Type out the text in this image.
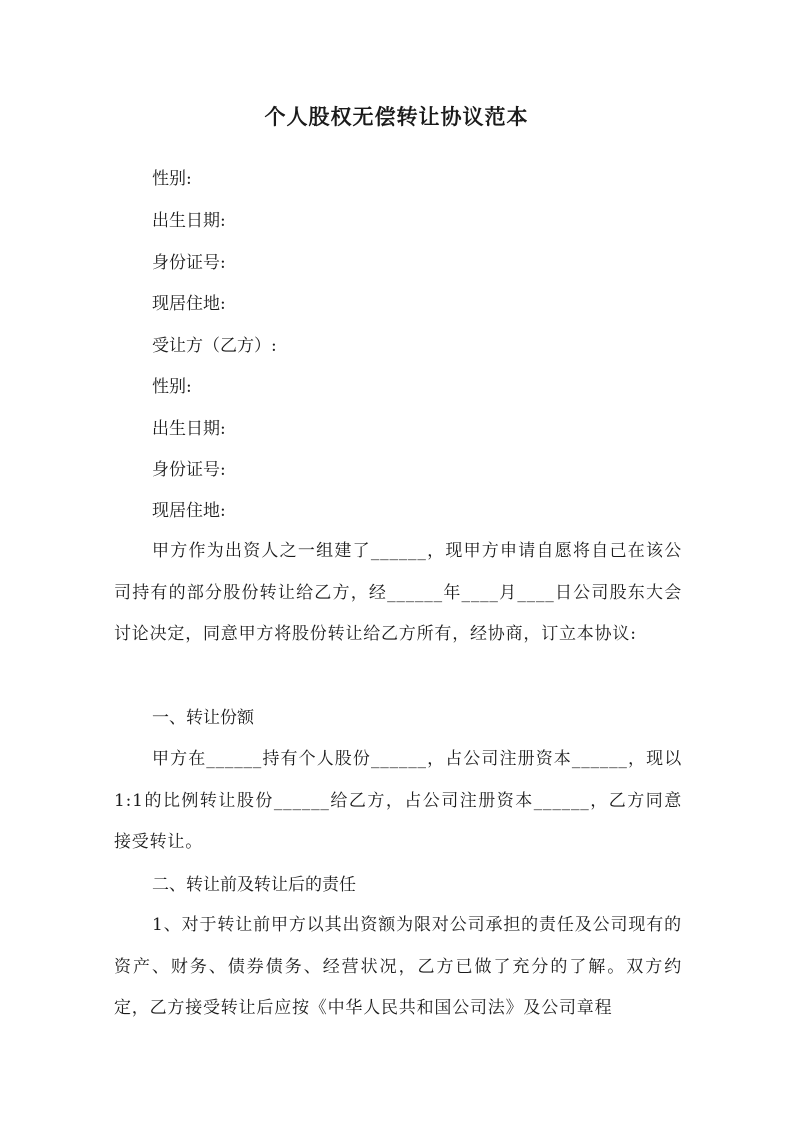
个人股权无偿转让协议范本

性别:

出生日期:

身份证号:

现居住地:

受让方（乙方）:

性别:

出生日期:

身份证号:

现居住地:

甲方作为出资人之一组建了______，现甲方申请自愿将自己在该公司持有的部分股份转让给乙方，经______年____月____日公司股东大会讨论决定，同意甲方将股份转让给乙方所有，经协商，订立本协议:

一、转让份额

甲方在______持有个人股份______，占公司注册资本______，现以1:1的比例转让股份______给乙方，占公司注册资本______，乙方同意接受转让。

二、转让前及转让后的责任

1、对于转让前甲方以其出资额为限对公司承担的责任及公司现有的资产、财务、债券债务、经营状况，乙方已做了充分的了解。双方约定，乙方接受转让后应按《中华人民共和国公司法》及公司章程
